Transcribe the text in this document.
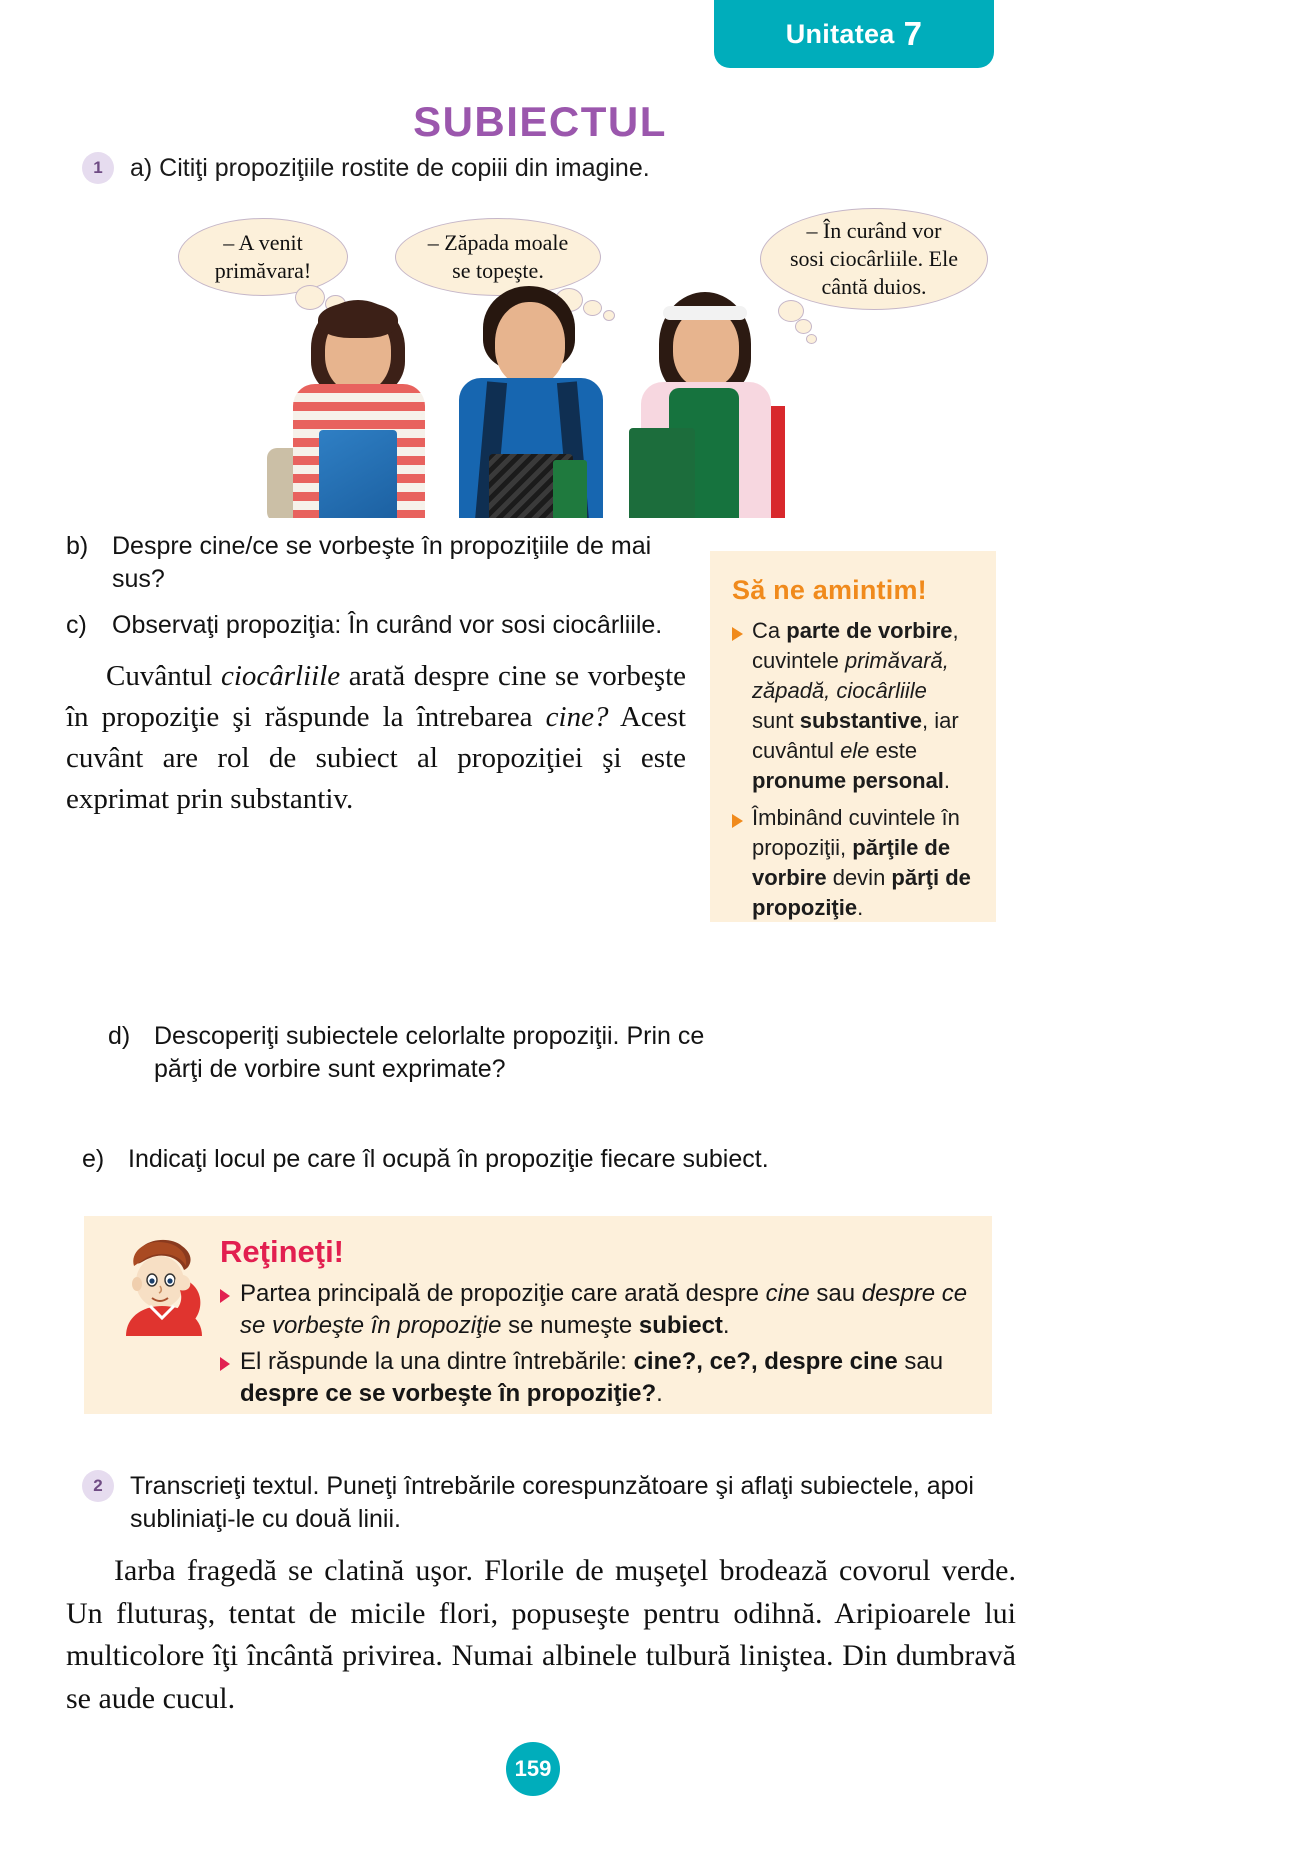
Unitatea 7
SUBIECTUL
1	a) Citiţi propoziţiile rostite de copiii din imagine.
– A venit
primăvara!
– Zăpada moale
se topeşte.
– În curând vor
sosi ciocârliile. Ele
cântă duios.
b) Despre cine/ce se vorbeşte în propoziţiile de mai sus?
c)	Observaţi propoziţia: În curând vor sosi ciocârliile.
Cuvântul ciocârliile arată despre cine se vorbeşte în propoziţie şi răspunde la întrebarea cine? Acest cuvânt are rol de subiect al propoziţiei şi este exprimat prin substantiv.
d) Descoperiţi subiectele celorlalte propoziţii. Prin ce părţi de vorbire sunt exprimate?
e) Indicaţi locul pe care îl ocupă în propoziţie fiecare subiect.
Să ne amintim!
Ca parte de vorbire, cuvintele primăvară, zăpadă, ciocârliile sunt substantive, iar cuvântul ele este pronume personal.
Îmbinând cuvintele în propoziţii, părţile de vorbire devin părţi de propoziţie.
Reţineţi!
Partea principală de propoziţie care arată despre cine sau despre ce se vorbeşte în propoziţie se numeşte subiect.
El răspunde la una dintre întrebările: cine?, ce?, despre cine sau despre ce se vorbeşte în propoziţie?.
2	Transcrieţi textul. Puneţi întrebările corespunzătoare şi aflaţi subiectele, apoi subliniaţi-le cu două linii.
Iarba fragedă se clatină uşor. Florile de muşeţel brodează covorul verde. Un fluturaş, tentat de micile flori, popuseşte pentru odihnă. Aripioarele lui multicolore îţi încântă privirea. Numai albinele tulbură liniştea. Din dumbravă se aude cucul.
159
